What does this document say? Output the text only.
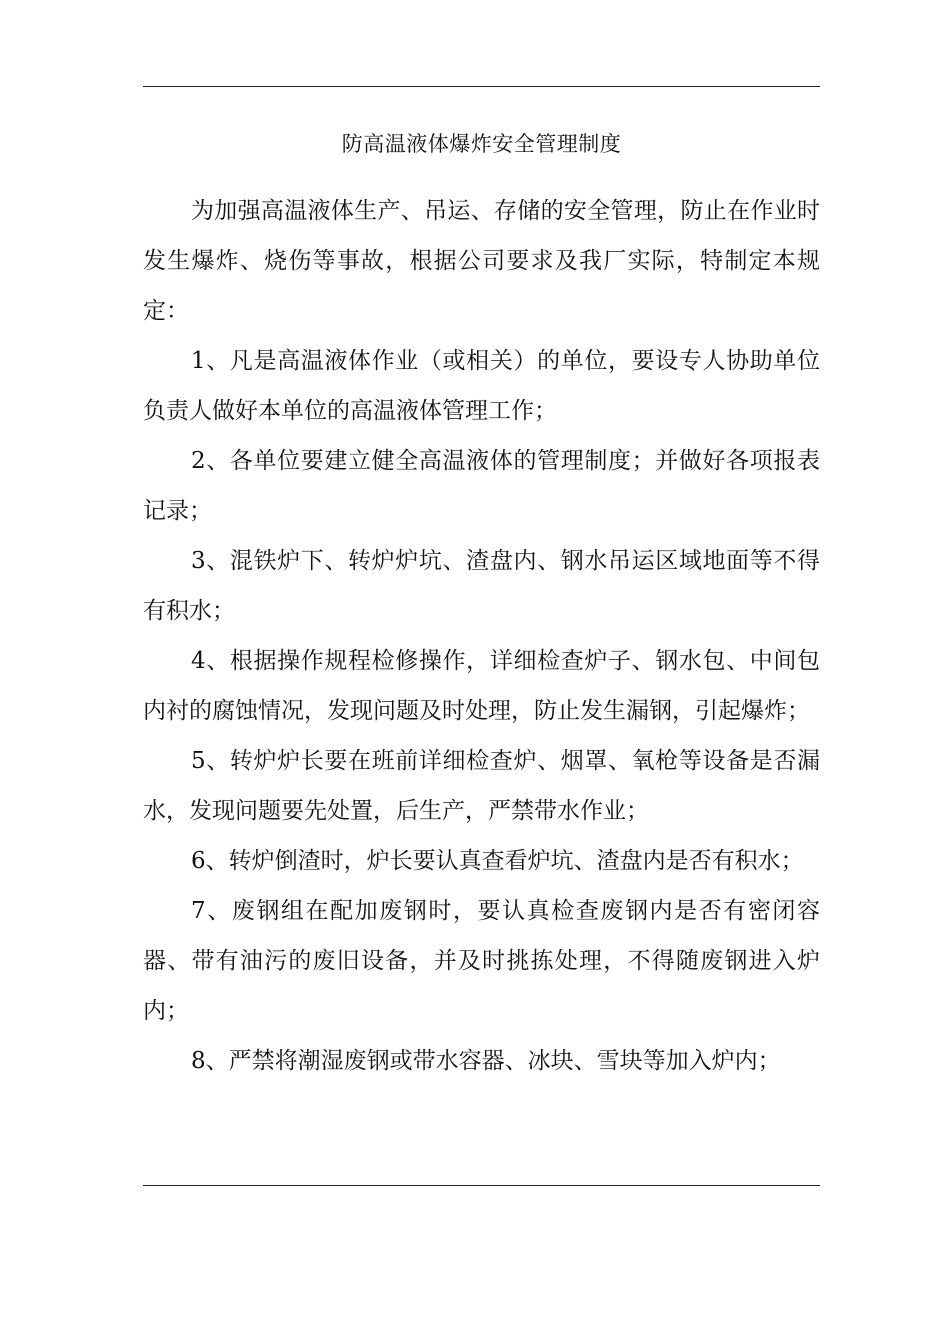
防高温液体爆炸安全管理制度

为加强高温液体生产、吊运、存储的安全管理，防止在作业时发生爆炸、烧伤等事故，根据公司要求及我厂实际，特制定本规定：

1、凡是高温液体作业（或相关）的单位，要设专人协助单位负责人做好本单位的高温液体管理工作；

2、各单位要建立健全高温液体的管理制度；并做好各项报表记录；

3、混铁炉下、转炉炉坑、渣盘内、钢水吊运区域地面等不得有积水；

4、根据操作规程检修操作，详细检查炉子、钢水包、中间包内衬的腐蚀情况，发现问题及时处理，防止发生漏钢，引起爆炸；

5、转炉炉长要在班前详细检查炉、烟罩、氧枪等设备是否漏水，发现问题要先处置，后生产，严禁带水作业；

6、转炉倒渣时，炉长要认真查看炉坑、渣盘内是否有积水；

7、废钢组在配加废钢时，要认真检查废钢内是否有密闭容器、带有油污的废旧设备，并及时挑拣处理，不得随废钢进入炉内；

8、严禁将潮湿废钢或带水容器、冰块、雪块等加入炉内；
